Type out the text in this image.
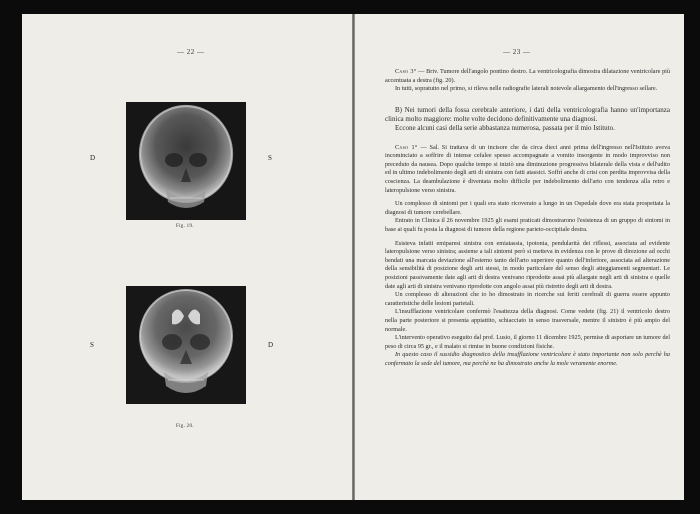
— 22 —
D	S
Fig. 19.
S	D
Fig. 20.
— 23 —

Caso 3° — Briv. Tumore dell'angolo pontino destro. La ventricolografia dimostra dilatazione ventricolare più accentuata a destra (fig. 20).

In tutti, sopratutto nel primo, si rileva nelle radiografie laterali notevole allargamento dell'ingresso sellare.

B) Nei tumori della fossa cerebrale anteriore, i dati della ventricolografia hanno un'importanza clinica molto maggiore: molte volte decidono definitivamente una diagnosi.

Eccone alcuni casi della serie abbastanza numerosa, passata per il mio Istituto.

Caso 1° — Sal. Si trattava di un incisore che da circa dieci anni prima dell'ingresso nell'Istituto aveva incominciato a soffrire di intense cefalee spesso accompagnate a vomito insorgente in modo improvviso non preceduto da nausea. Dopo qualche tempo si iniziò una diminuzione progressiva bilaterale della vista e dell'udito ed in ultimo indebolimento degli arti di sinistra con fatti atassici. Soffrì anche di crisi con perdita improvvisa della coscienza. La deambulazione è diventata molto difficile per indebolimento dell'arto con tendenza alla retro e lateropulsione verso sinistra.

Un complesso di sintomi per i quali era stato ricoverato a lungo in un Ospedale dove era stata prospettata la diagnosi di tumore cerebellare.

Entrato in Clinica il 26 novembre 1925 gli esami praticati dimostrarono l'esistenza di un gruppo di sintomi in base ai quali fu posta la diagnosi di tumore della regione parieto-occipitale destra.

Esisteva infatti emiparesi sinistra con emiatassia, ipotonia, pendularità dei riflessi, associata ad evidente lateropulsione verso sinistra; assieme a tali sintomi però si metteva in evidenza con le prove di direzione ad occhi bendati una marcata deviazione all'esterno tanto dell'arto superiore quanto dell'inferiore, associata ad alterazione della sensibilità di posizione degli arti stessi, in modo particolare del senso degli atteggiamenti segmentari. Le posizioni passivamente date agli arti di destra venivano riprodotte assai più allargate negli arti di sinistra e quelle date agli arti di sinistra venivano riprodotte con angolo assai più ristretto degli arti di destra.

Un complesso di alterazioni che io ho dimostrato in ricerche sui feriti cerebrali di guerra essere appunto caratteristiche delle lesioni parietali.

L'insufflazione ventricolare confermò l'esattezza della diagnosi. Come vedete (fig. 21) il ventricolo destro nella parte posteriore si presenta appiattito, schiacciato in senso trasversale, mentre il sinistro è più ampio del normale.

L'intervento operativo eseguito dal prof. Lusio, il giorno 11 dicembre 1925, permise di asportare un tumore del peso di circa 95 gr., e il malato si rimise in buone condizioni fisiche.

In questo caso il sussidio diagnostico della insufflazione ventricolare è stato importante non solo perchè ha confermato la sede del tumore, ma perchè ne ha dimostrato anche la mole veramente enorme.
